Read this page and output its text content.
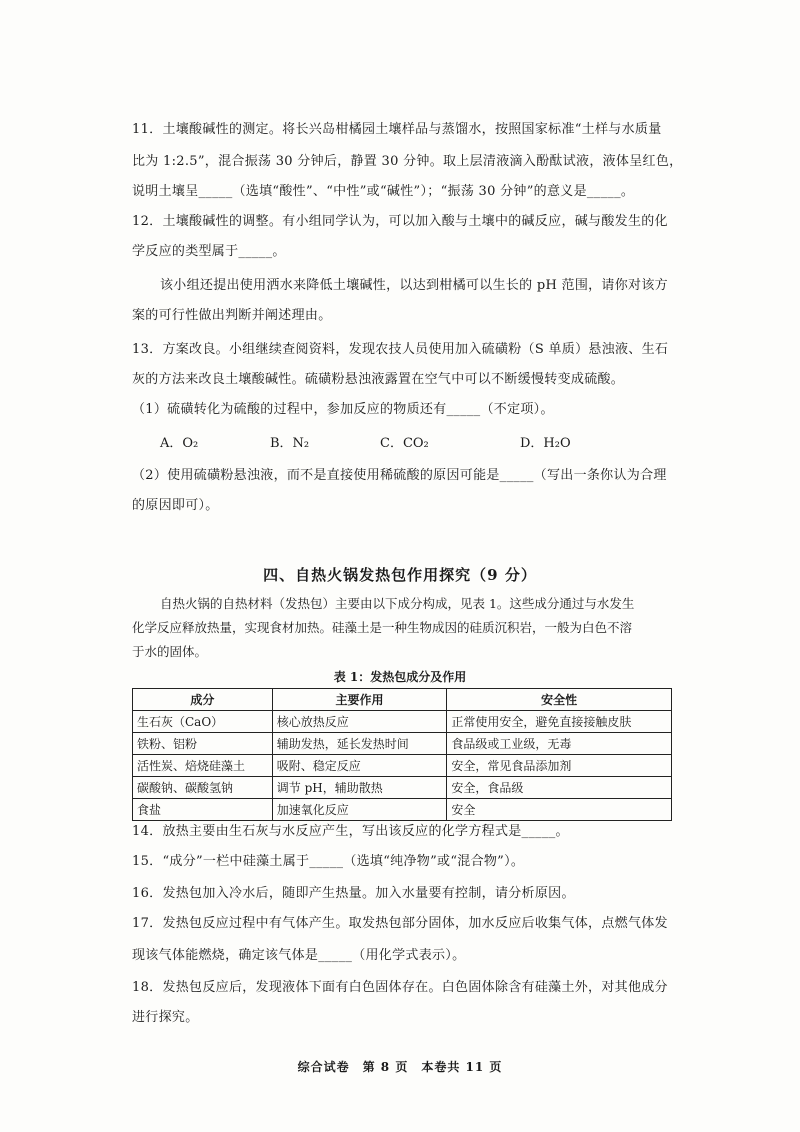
11．土壤酸碱性的测定。将长兴岛柑橘园土壤样品与蒸馏水，按照国家标准“土样与水质量
比为 1:2.5”，混合振荡 30 分钟后，静置 30 分钟。取上层清液滴入酚酞试液，液体呈红色，
说明土壤呈_____（选填“酸性”、“中性”或“碱性”）；“振荡 30 分钟”的意义是_____。
12．土壤酸碱性的调整。有小组同学认为，可以加入酸与土壤中的碱反应，碱与酸发生的化
学反应的类型属于_____。
该小组还提出使用洒水来降低土壤碱性，以达到柑橘可以生长的 pH 范围，请你对该方
案的可行性做出判断并阐述理由。
13．方案改良。小组继续查阅资料，发现农技人员使用加入硫磺粉（S 单质）悬浊液、生石
灰的方法来改良土壤酸碱性。硫磺粉悬浊液露置在空气中可以不断缓慢转变成硫酸。
（1）硫磺转化为硫酸的过程中，参加反应的物质还有_____（不定项）。
A．O₂	B．N₂	C．CO₂	D．H₂O
（2）使用硫磺粉悬浊液，而不是直接使用稀硫酸的原因可能是_____（写出一条你认为合理
的原因即可）。
四、自热火锅发热包作用探究（9 分）
自热火锅的自热材料（发热包）主要由以下成分构成，见表 1。这些成分通过与水发生
化学反应释放热量，实现食材加热。硅藻土是一种生物成因的硅质沉积岩，一般为白色不溶
于水的固体。
表 1：发热包成分及作用
成分	主要作用	安全性
生石灰（CaO）	核心放热反应	正常使用安全，避免直接接触皮肤
铁粉、铝粉	辅助发热，延长发热时间	食品级或工业级，无毒
活性炭、焙烧硅藻土	吸附、稳定反应	安全，常见食品添加剂
碳酸钠、碳酸氢钠	调节 pH，辅助散热	安全，食品级
食盐	加速氧化反应	安全
14．放热主要由生石灰与水反应产生，写出该反应的化学方程式是_____。
15．“成分”一栏中硅藻土属于_____（选填“纯净物”或“混合物”）。
16．发热包加入冷水后，随即产生热量。加入水量要有控制，请分析原因。
17．发热包反应过程中有气体产生。取发热包部分固体，加水反应后收集气体，点燃气体发
现该气体能燃烧，确定该气体是_____（用化学式表示）。
18．发热包反应后，发现液体下面有白色固体存在。白色固体除含有硅藻土外，对其他成分
进行探究。
综合试卷　第 8 页　本卷共 11 页
